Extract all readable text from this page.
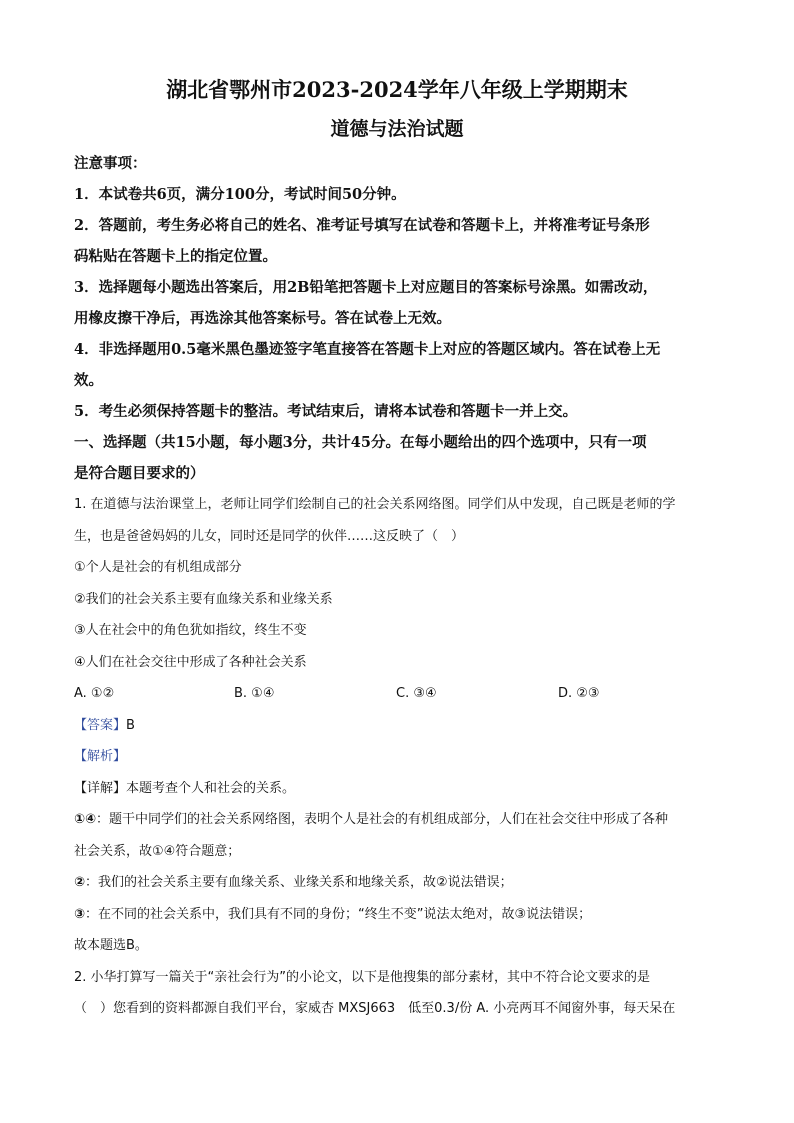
湖北省鄂州市2023-2024学年八年级上学期期末
道德与法治试题
注意事项：
1．本试卷共6页，满分100分，考试时间50分钟。
2．答题前，考生务必将自己的姓名、准考证号填写在试卷和答题卡上，并将准考证号条形
码粘贴在答题卡上的指定位置。
3．选择题每小题选出答案后，用2B铅笔把答题卡上对应题目的答案标号涂黑。如需改动，
用橡皮擦干净后，再选涂其他答案标号。答在试卷上无效。
4．非选择题用0.5毫米黑色墨迹签字笔直接答在答题卡上对应的答题区域内。答在试卷上无
效。
5．考生必须保持答题卡的整洁。考试结束后，请将本试卷和答题卡一并上交。
一、选择题（共15小题，每小题3分，共计45分。在每小题给出的四个选项中，只有一项
是符合题目要求的）
1. 在道德与法治课堂上，老师让同学们绘制自己的社会关系网络图。同学们从中发现，自己既是老师的学
生，也是爸爸妈妈的儿女，同时还是同学的伙伴……这反映了（　）
①个人是社会的有机组成部分
②我们的社会关系主要有血缘关系和业缘关系
③人在社会中的角色犹如指纹，终生不变
④人们在社会交往中形成了各种社会关系
A. ①②	B. ①④	C. ③④	D. ②③
【答案】B
【解析】
【详解】本题考查个人和社会的关系。
①④：题干中同学们的社会关系网络图，表明个人是社会的有机组成部分，人们在社会交往中形成了各种
社会关系，故①④符合题意；
②：我们的社会关系主要有血缘关系、业缘关系和地缘关系，故②说法错误；
③：在不同的社会关系中，我们具有不同的身份；“终生不变”说法太绝对，故③说法错误；
故本题选B。
2. 小华打算写一篇关于“亲社会行为”的小论文，以下是他搜集的部分素材，其中不符合论文要求的是
（　）您看到的资料都源自我们平台，家威杏 MXSJ663　低至0.3/份 A. 小亮两耳不闻窗外事，每天呆在
